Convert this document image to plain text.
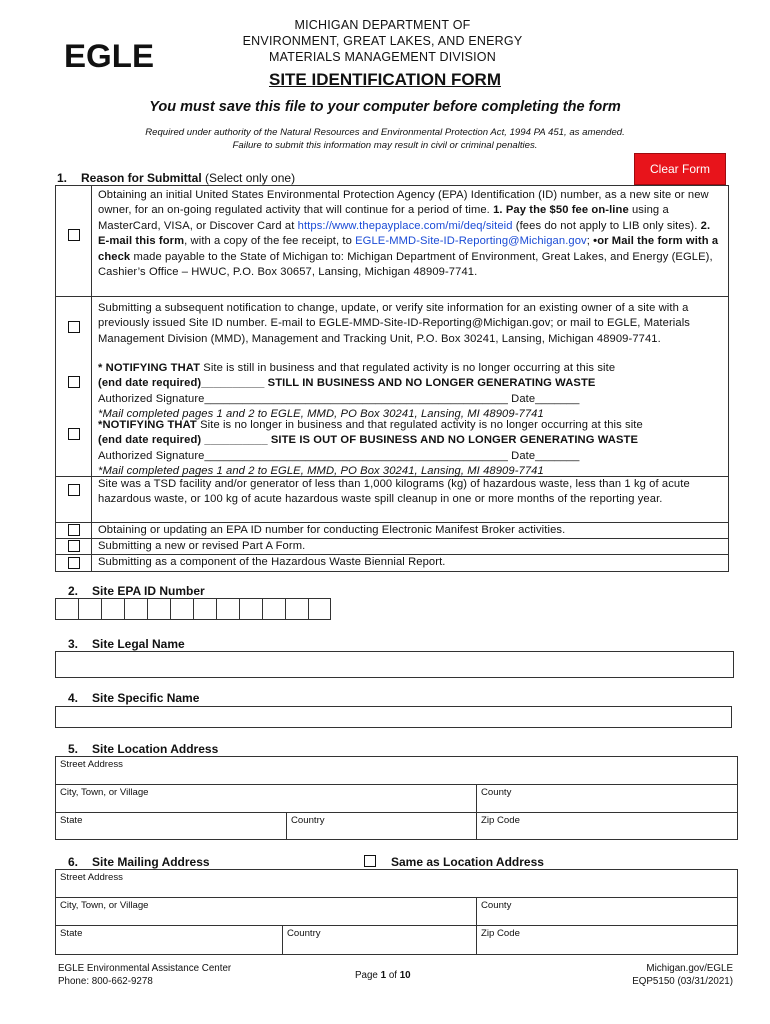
MICHIGAN DEPARTMENT OF
ENVIRONMENT, GREAT LAKES, AND ENERGY
MATERIALS MANAGEMENT DIVISION
EGLE
SITE IDENTIFICATION FORM
You must save this file to your computer before completing the form
Required under authority of the Natural Resources and Environmental Protection Act, 1994 PA 451, as amended.
Failure to submit this information may result in civil or criminal penalties.
Clear Form
1. Reason for Submittal (Select only one)
Obtaining an initial United States Environmental Protection Agency (EPA) Identification (ID) number, as a new site or new owner, for an on-going regulated activity that will continue for a period of time. 1. Pay the $50 fee on-line using a MasterCard, VISA, or Discover Card at https://www.thepayplace.com/mi/deq/siteid (fees do not apply to LIB only sites). 2. E-mail this form, with a copy of the fee receipt, to EGLE-MMD-Site-ID-Reporting@Michigan.gov; •or Mail the form with a check made payable to the State of Michigan to: Michigan Department of Environment, Great Lakes, and Energy (EGLE), Cashier’s Office – HWUC, P.O. Box 30657, Lansing, Michigan 48909-7741.
Submitting a subsequent notification to change, update, or verify site information for an existing owner of a site with a previously issued Site ID number. E-mail to EGLE-MMD-Site-ID-Reporting@Michigan.gov; or mail to EGLE, Materials Management Division (MMD), Management and Tracking Unit, P.O. Box 30241, Lansing, Michigan 48909-7741.
* NOTIFYING THAT Site is still in business and that regulated activity is no longer occurring at this site
(end date required)__________ STILL IN BUSINESS AND NO LONGER GENERATING WASTE
Authorized Signature________________________________________________ Date_______
*Mail completed pages 1 and 2 to EGLE, MMD, PO Box 30241, Lansing, MI 48909-7741
*NOTIFYING THAT Site is no longer in business and that regulated activity is no longer occurring at this site
(end date required) __________ SITE IS OUT OF BUSINESS AND NO LONGER GENERATING WASTE
Authorized Signature________________________________________________ Date_______
*Mail completed pages 1 and 2 to EGLE, MMD, PO Box 30241, Lansing, MI 48909-7741
Site was a TSD facility and/or generator of less than 1,000 kilograms (kg) of hazardous waste, less than 1 kg of acute hazardous waste, or 100 kg of acute hazardous waste spill cleanup in one or more months of the reporting year.
Obtaining or updating an EPA ID number for conducting Electronic Manifest Broker activities.
Submitting a new or revised Part A Form.
Submitting as a component of the Hazardous Waste Biennial Report.
2. Site EPA ID Number
3. Site Legal Name
4. Site Specific Name
5. Site Location Address
Street Address
City, Town, or Village	County
State	Country	Zip Code
6. Site Mailing Address	Same as Location Address
Street Address
City, Town, or Village	County
State	Country	Zip Code
EGLE Environmental Assistance Center
Phone: 800-662-9278	Page 1 of 10
Michigan.gov/EGLE
EQP5150 (03/31/2021)
